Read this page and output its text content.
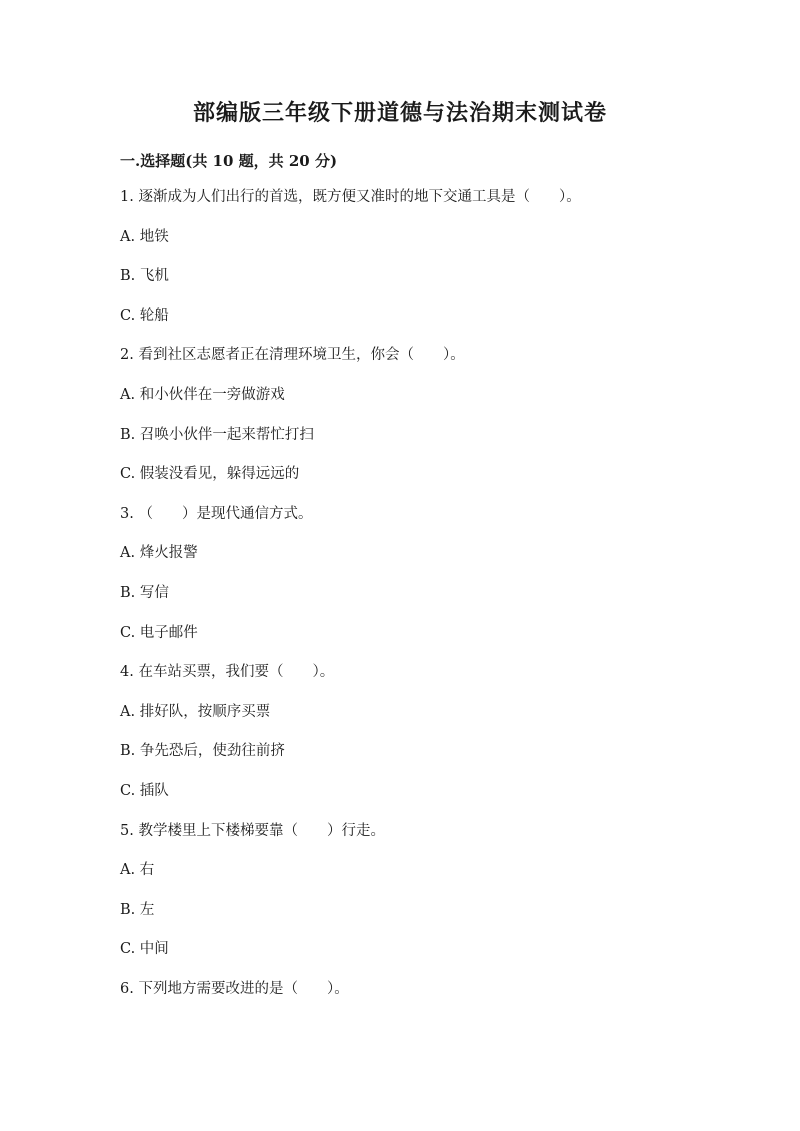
部编版三年级下册道德与法治期末测试卷
一.选择题(共 10 题，共 20 分)
1. 逐渐成为人们出行的首选，既方便又准时的地下交通工具是（　　）。
A. 地铁
B. 飞机
C. 轮船
2. 看到社区志愿者正在清理环境卫生，你会（　　）。
A. 和小伙伴在一旁做游戏
B. 召唤小伙伴一起来帮忙打扫
C. 假装没看见，躲得远远的
3. （　　）是现代通信方式。
A. 烽火报警
B. 写信
C. 电子邮件
4. 在车站买票，我们要（　　）。
A. 排好队，按顺序买票
B. 争先恐后，使劲往前挤
C. 插队
5. 教学楼里上下楼梯要靠（　　）行走。
A. 右
B. 左
C. 中间
6. 下列地方需要改进的是（　　）。
